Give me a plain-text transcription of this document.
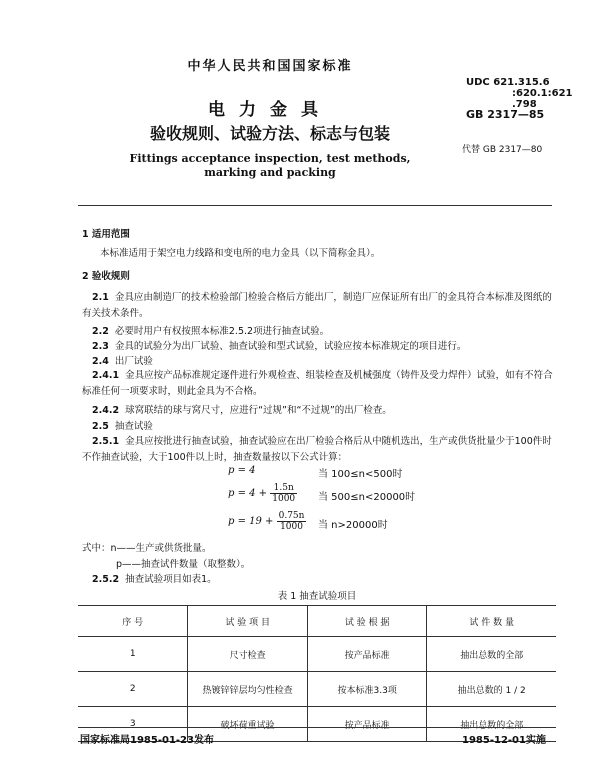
中华人民共和国国家标准
UDC 621.315.6
:620.1:621
.798
GB 2317—85
电力金具
验收规则、试验方法、标志与包装
Fittings acceptance inspection, test methods,
marking and packing
代替 GB 2317—80
1 适用范围
本标准适用于架空电力线路和变电所的电力金具（以下简称金具）。
2 验收规则
2.1 金具应由制造厂的技术检验部门检验合格后方能出厂，制造厂应保证所有出厂的金具符合本标准及图纸的有关技术条件。
2.2 必要时用户有权按照本标准2.5.2项进行抽查试验。
2.3 金具的试验分为出厂试验、抽查试验和型式试验，试验应按本标准规定的项目进行。
2.4 出厂试验
2.4.1 金具应按产品标准规定逐件进行外观检查、组装检查及机械强度（铸件及受力焊件）试验，如有不符合标准任何一项要求时，则此金具为不合格。
2.4.2 球窝联结的球与窝尺寸，应进行“过规”和“不过规”的出厂检查。
2.5 抽查试验
2.5.1 金具应按批进行抽查试验，抽查试验应在出厂检验合格后从中随机选出，生产或供货批量少于100件时不作抽查试验，大于100件以上时，抽查数量按以下公式计算：
p = 4	当 100≤n<500时
$p = 4 + \frac{1.5n}{1000}$ 当 500≤n<20000时
$p = 19 + \frac{0.75n}{1000}$ 当 n>20000时
式中：n——生产或供货批量。
p——抽查试件数量（取整数）。
2.5.2 抽查试验项目如表1。
表 1 抽查试验项目
序 号	试 验 项 目	试 验 根 据	试 件 数 量
1	尺寸检查	按产品标准	抽出总数的全部
2	热镀锌锌层均匀性检查	按本标准3.3项	抽出总数的 1 / 2
3	破坏荷重试验	按产品标准	抽出总数的全部
国家标准局1985-01-23发布	1985-12-01实施
